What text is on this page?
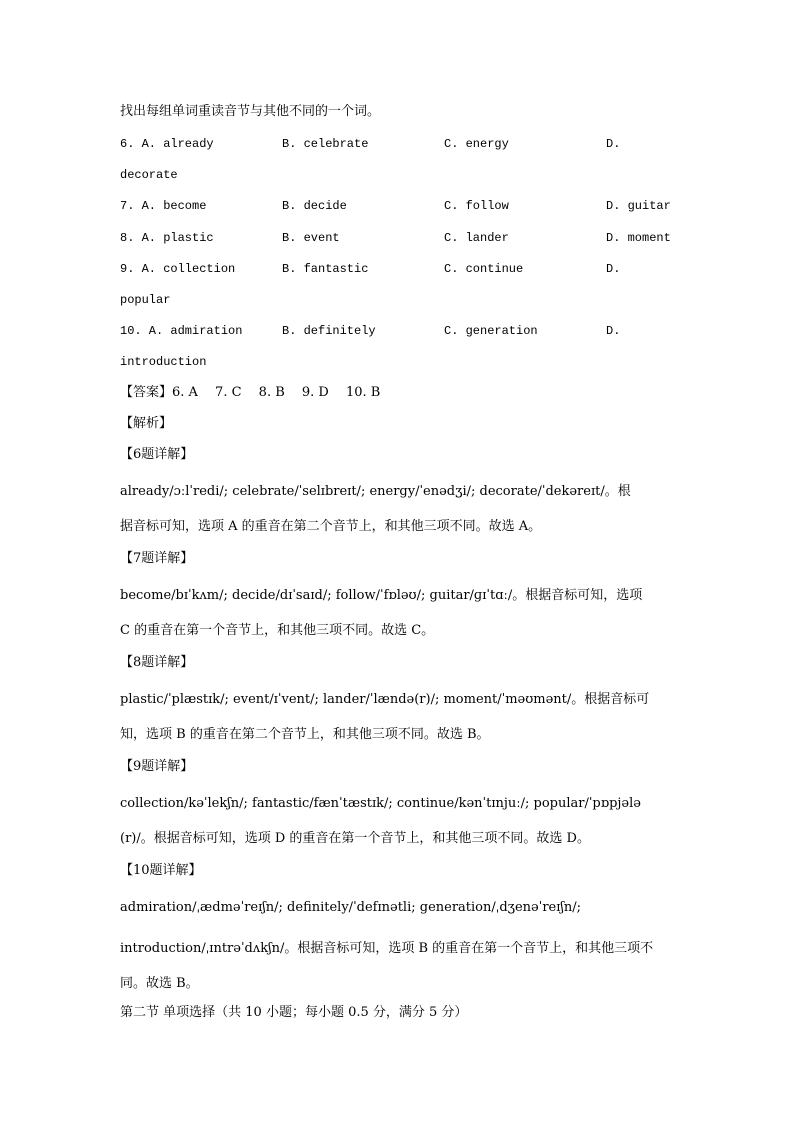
找出每组单词重读音节与其他不同的一个词。
6. A. already	B. celebrate	C. energy	D.
decorate
7. A. become	B. decide	C. follow	D. guitar
8. A. plastic	B. event	C. lander	D. moment
9. A. collection	B. fantastic	C. continue	D.
popular
10. A. admiration	B. definitely	C. generation	D.
introduction
【答案】6. A　 7. C　 8. B　 9. D　 10. B
【解析】
【6题详解】
already/ɔːlˈredi/; celebrate/ˈselɪbreɪt/; energy/ˈenədʒi/; decorate/ˈdekəreɪt/。根
据音标可知，选项 A 的重音在第二个音节上，和其他三项不同。故选 A。
【7题详解】
become/bɪˈkʌm/; decide/dɪˈsaɪd/; follow/ˈfɒləʊ/; guitar/ɡɪˈtɑː/。根据音标可知，选项
C 的重音在第一个音节上，和其他三项不同。故选 C。
【8题详解】
plastic/ˈplæstɪk/; event/ɪˈvent/; lander/ˈlændə(r)/; moment/ˈməʊmənt/。根据音标可
知，选项 B 的重音在第二个音节上，和其他三项不同。故选 B。
【9题详解】
collection/kəˈlekʃn/; fantastic/fænˈtæstɪk/; continue/kənˈtɪnjuː/; popular/ˈpɒpjələ
(r)/。根据音标可知，选项 D 的重音在第一个音节上，和其他三项不同。故选 D。
【10题详解】
admiration/ˌædməˈreɪʃn/; definitely/ˈdefɪnətli; generation/ˌdʒenəˈreɪʃn/;
introduction/ˌɪntrəˈdʌkʃn/。根据音标可知，选项 B 的重音在第一个音节上，和其他三项不
同。故选 B。
第二节 单项选择（共 10 小题；每小题 0.5 分，满分 5 分）
